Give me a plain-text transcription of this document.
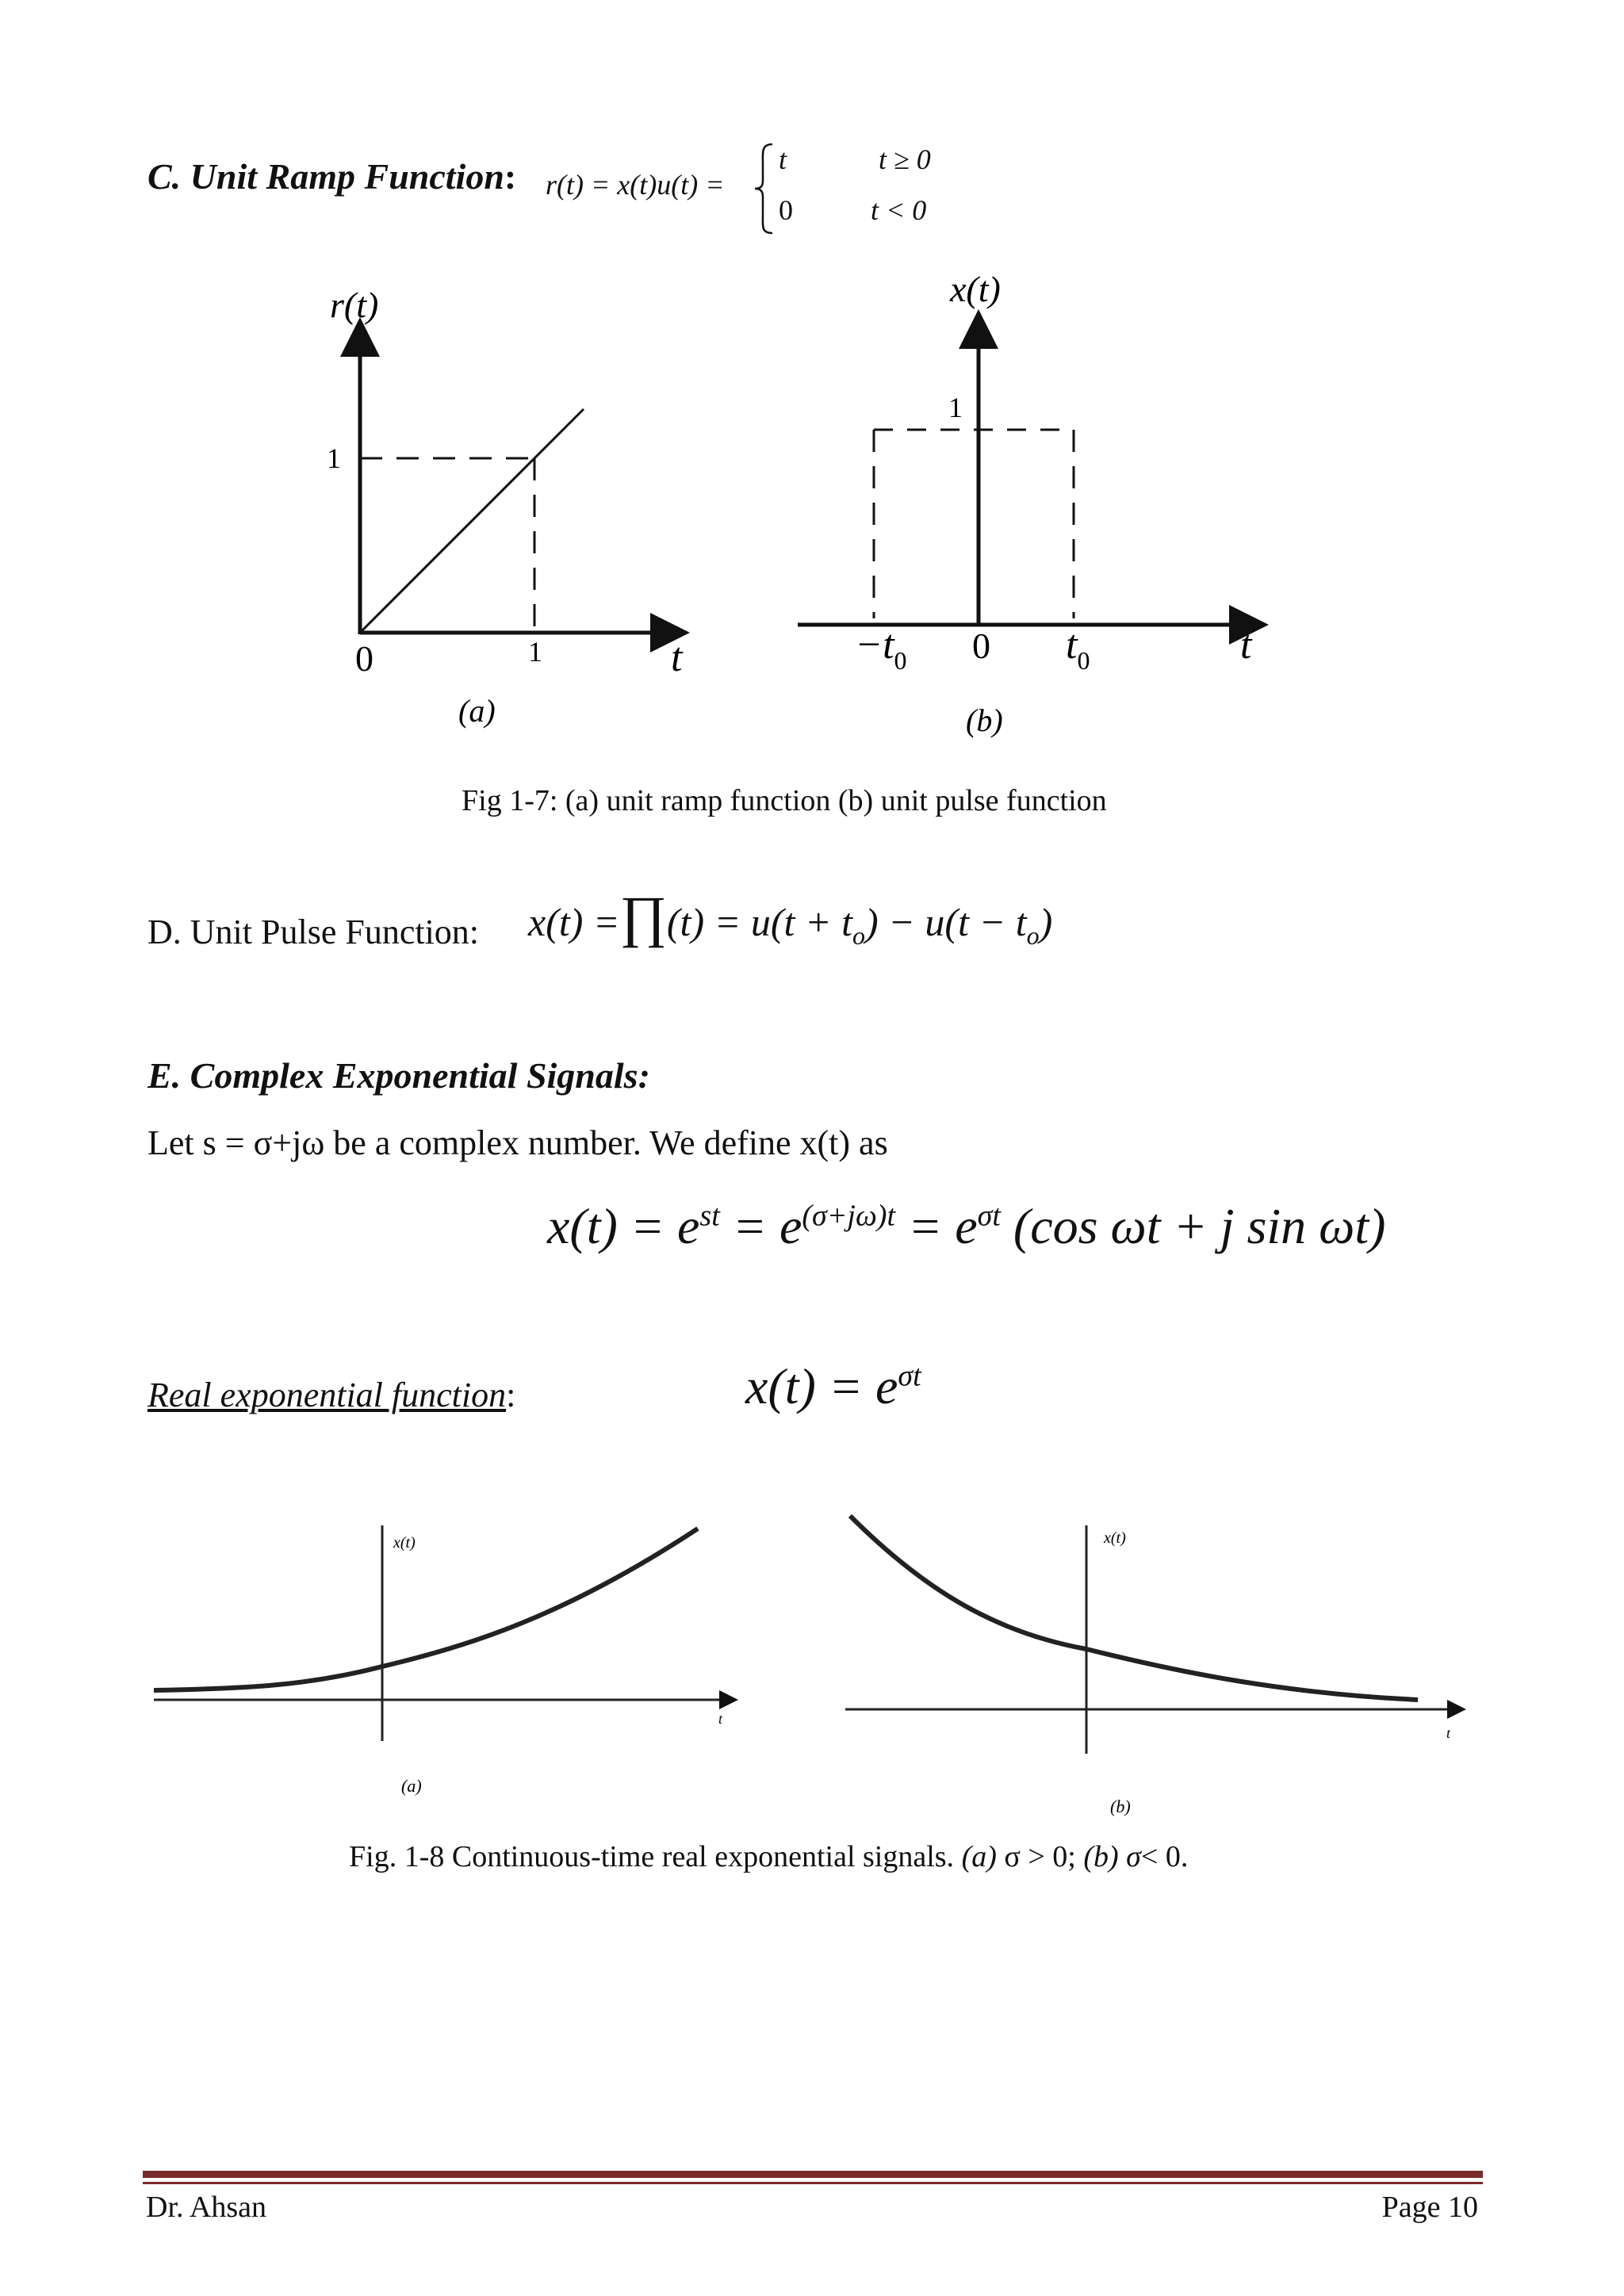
C. Unit Ramp Function: r(t) = x(t)u(t) =
t	t ≥ 0
0	t < 0
r(t)
1
0	1	t
(a)
x(t)
1
$-t_0$ 0 $t_0$	t
(b)
Fig 1-7: (a) unit ramp function (b) unit pulse function
D. Unit Pulse Function: x(t) =∏(t) = $u(t + t_o) - u(t - t_o)$
E. Complex Exponential Signals:
Let s = σ+jω be a complex number. We define x(t) as
$x(t) = e^{st} = e^{(\sigma+j\omega)t} = e^{\sigma t}$ (cos ωt + j sin ωt)
Real exponential function:	$x(t) = e^{\sigma t}$
x(t)
t
(a)
x(t)
t
(b)
Fig. 1-8 Continuous-time real exponential signals. (a) σ > 0; (b) σ< 0.
Dr. Ahsan	Page 10
